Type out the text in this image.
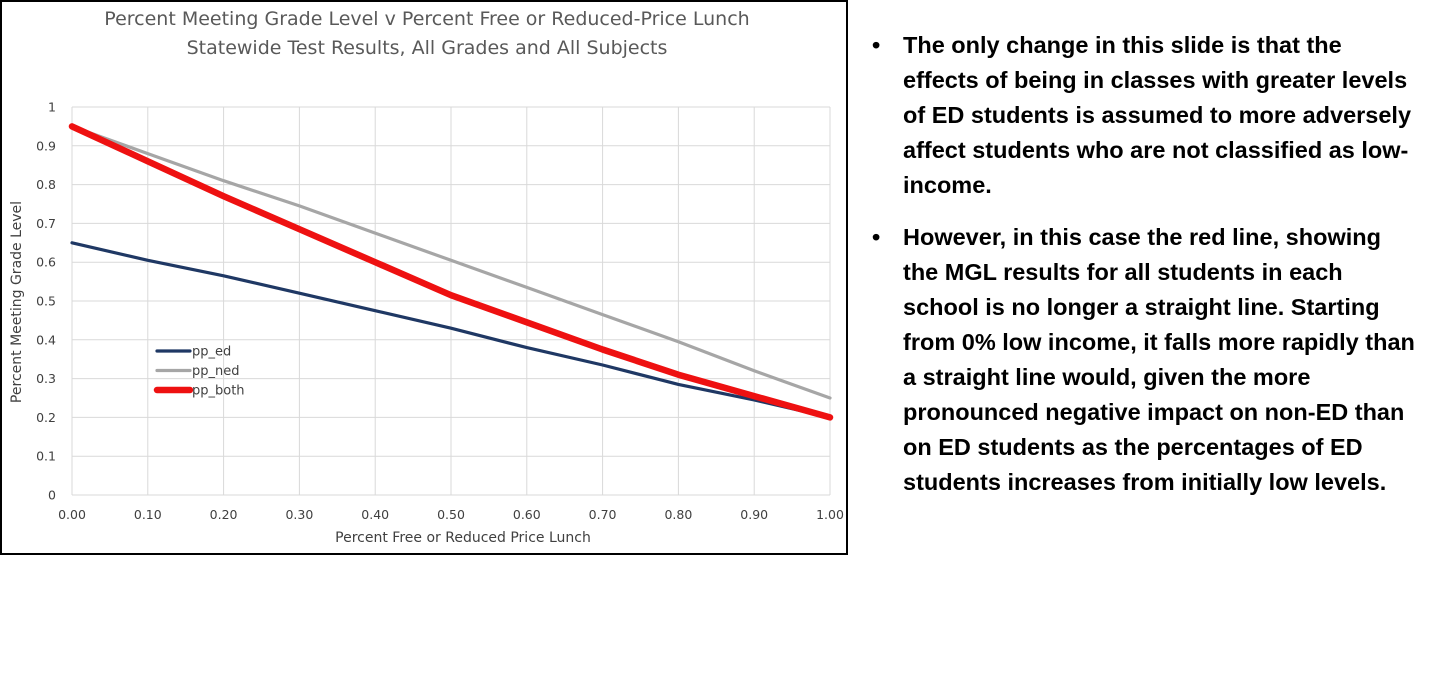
Percent Meeting Grade Level v Percent Free or Reduced-Price Lunch
Statewide Test Results, All Grades and All Subjects
0
0.1
0.2
0.3
0.4
0.5
0.6
0.7
0.8
0.9
1
0.00	0.10	0.20	0.30	0.40	0.50	0.60	0.70	0.80	0.90	1.00
Percent Free or Reduced Price Lunch
Percent Meeting Grade Level	pp_ed
pp_ned
pp_both
• The only change in this slide is that the effects of being in classes with greater levels of ED students is assumed to more adversely affect students who are not classified as low-income.
• However, in this case the red line, showing the MGL results for all students in each school is no longer a straight line. Starting from 0% low income, it falls more rapidly than a straight line would, given the more pronounced negative impact on non-ED than on ED students as the percentages of ED students increases from initially low levels.
